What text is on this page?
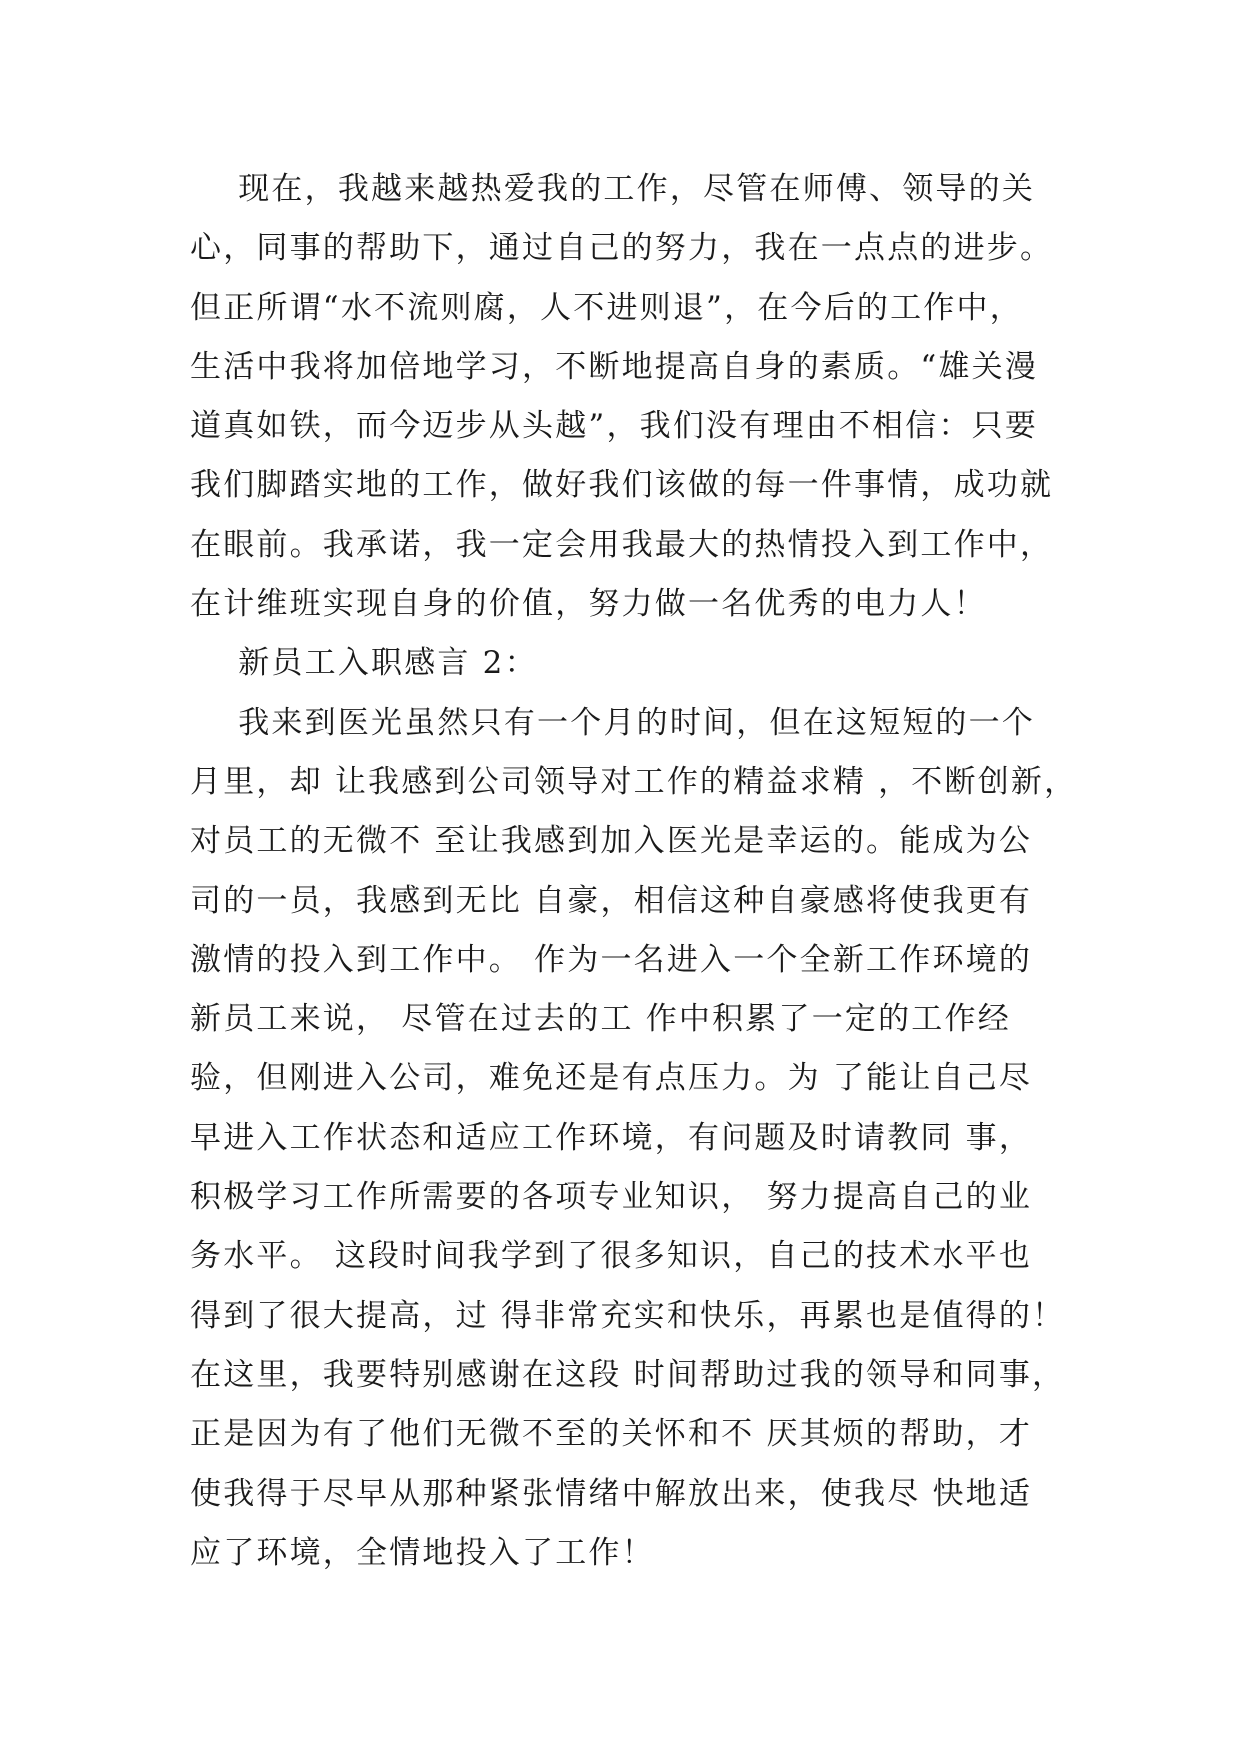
现在，我越来越热爱我的工作，尽管在师傅、领导的关
心，同事的帮助下，通过自己的努力，我在一点点的进步。
但正所谓“水不流则腐，人不进则退”，在今后的工作中，
生活中我将加倍地学习，不断地提高自身的素质。“雄关漫
道真如铁，而今迈步从头越”，我们没有理由不相信：只要
我们脚踏实地的工作，做好我们该做的每一件事情，成功就
在眼前。我承诺，我一定会用我最大的热情投入到工作中，
在计维班实现自身的价值，努力做一名优秀的电力人！
新员工入职感言 2：
我来到医光虽然只有一个月的时间，但在这短短的一个
月里，却 让我感到公司领导对工作的精益求精 ，不断创新，
对员工的无微不 至让我感到加入医光是幸运的。能成为公
司的一员，我感到无比 自豪，相信这种自豪感将使我更有
激情的投入到工作中。 作为一名进入一个全新工作环境的
新员工来说， 尽管在过去的工 作中积累了一定的工作经
验，但刚进入公司，难免还是有点压力。为 了能让自己尽
早进入工作状态和适应工作环境，有问题及时请教同 事，
积极学习工作所需要的各项专业知识， 努力提高自己的业
务水平。 这段时间我学到了很多知识，自己的技术水平也
得到了很大提高，过 得非常充实和快乐，再累也是值得的！
在这里，我要特别感谢在这段 时间帮助过我的领导和同事，
正是因为有了他们无微不至的关怀和不 厌其烦的帮助，才
使我得于尽早从那种紧张情绪中解放出来，使我尽 快地适
应了环境，全情地投入了工作！
